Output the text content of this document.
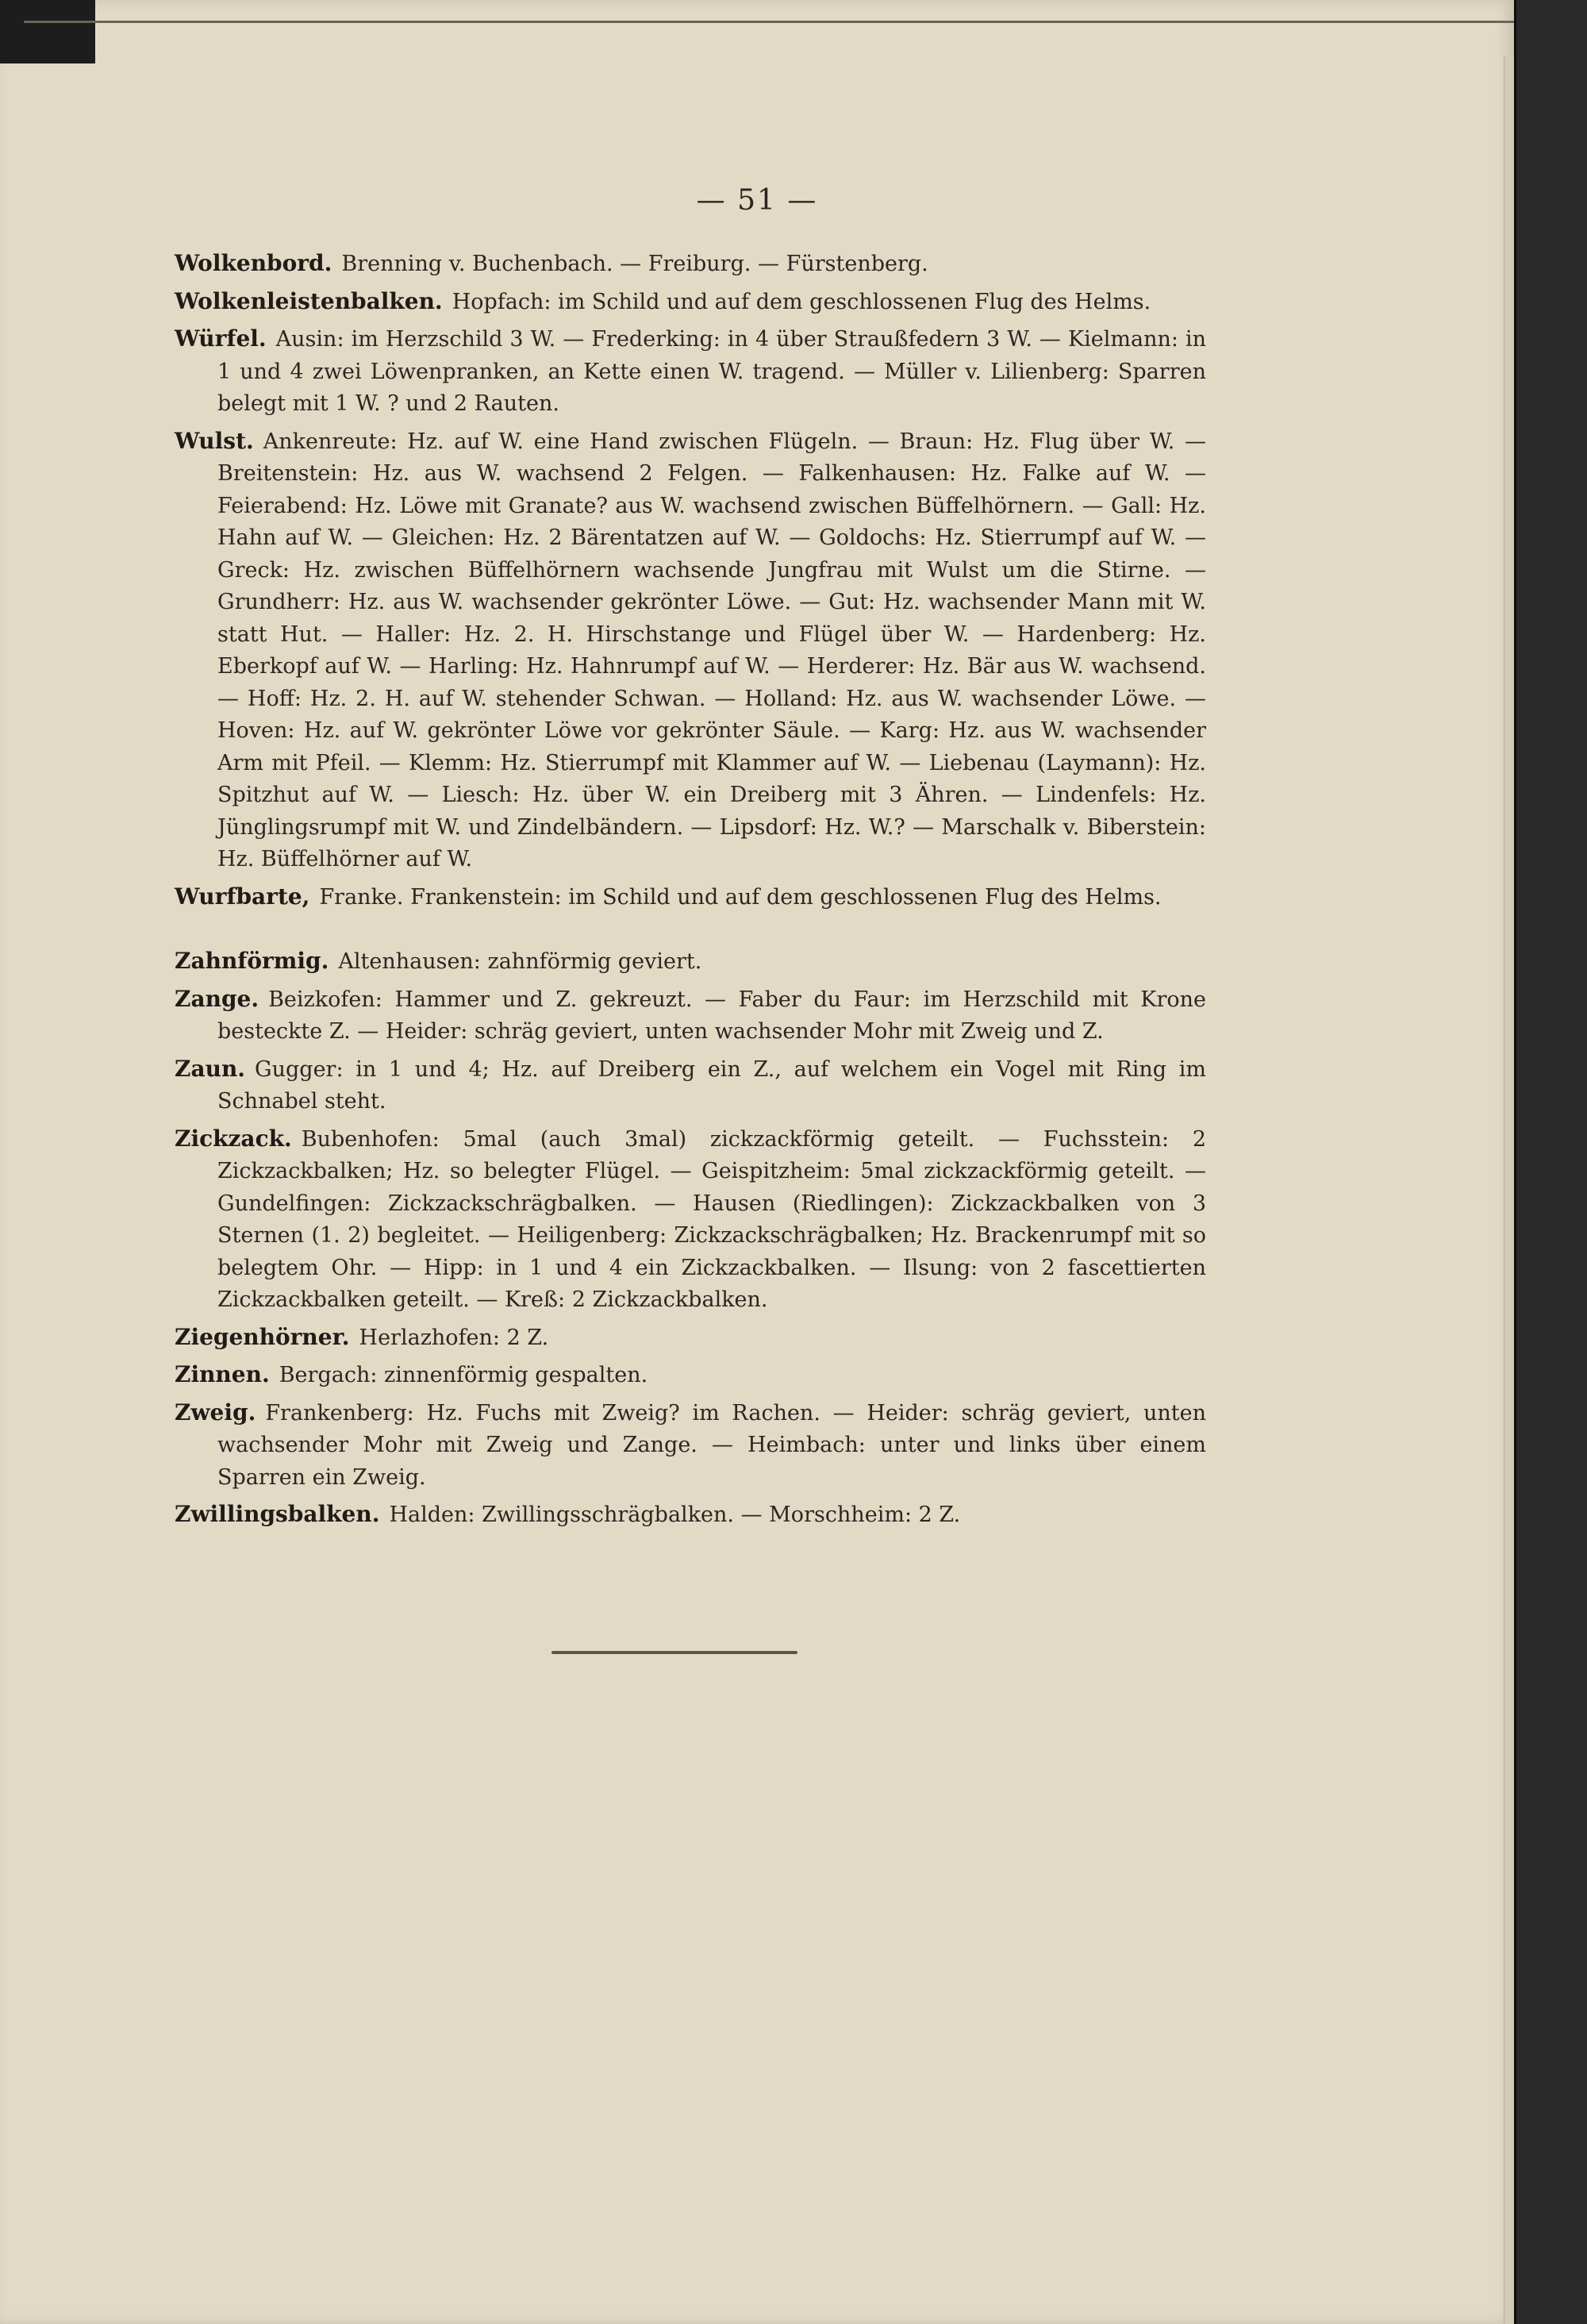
— 51 —

Wolkenbord. Brenning v. Buchenbach. — Freiburg. — Fürstenberg.

Wolkenleistenbalken. Hopfach: im Schild und auf dem geschlossenen Flug des Helms.

Würfel. Ausin: im Herzschild 3 W. — Frederking: in 4 über Straußfedern 3 W. — Kielmann: in 1 und 4 zwei Löwenpranken, an Kette einen W. tragend. — Müller v. Lilienberg: Sparren belegt mit 1 W. ? und 2 Rauten.

Wulst. Ankenreute: Hz. auf W. eine Hand zwischen Flügeln. — Braun: Hz. Flug über W. — Breitenstein: Hz. aus W. wachsend 2 Felgen. — Falkenhausen: Hz. Falke auf W. — Feierabend: Hz. Löwe mit Granate? aus W. wachsend zwischen Büffelhörnern. — Gall: Hz. Hahn auf W. — Gleichen: Hz. 2 Bärentatzen auf W. — Goldochs: Hz. Stierrumpf auf W. — Greck: Hz. zwischen Büffelhörnern wachsende Jungfrau mit Wulst um die Stirne. — Grundherr: Hz. aus W. wachsender gekrönter Löwe. — Gut: Hz. wachsender Mann mit W. statt Hut. — Haller: Hz. 2. H. Hirschstange und Flügel über W. — Hardenberg: Hz. Eberkopf auf W. — Harling: Hz. Hahnrumpf auf W. — Herderer: Hz. Bär aus W. wachsend. — Hoff: Hz. 2. H. auf W. stehender Schwan. — Holland: Hz. aus W. wachsender Löwe. — Hoven: Hz. auf W. gekrönter Löwe vor gekrönter Säule. — Karg: Hz. aus W. wachsender Arm mit Pfeil. — Klemm: Hz. Stierrumpf mit Klammer auf W. — Liebenau (Laymann): Hz. Spitzhut auf W. — Liesch: Hz. über W. ein Dreiberg mit 3 Ähren. — Lindenfels: Hz. Jünglingsrumpf mit W. und Zindelbändern. — Lipsdorf: Hz. W.? — Marschalk v. Biberstein: Hz. Büffelhörner auf W.

Wurfbarte, Franke. Frankenstein: im Schild und auf dem geschlossenen Flug des Helms.

Zahnförmig. Altenhausen: zahnförmig geviert.

Zange. Beizkofen: Hammer und Z. gekreuzt. — Faber du Faur: im Herzschild mit Krone besteckte Z. — Heider: schräg geviert, unten wachsender Mohr mit Zweig und Z.

Zaun. Gugger: in 1 und 4; Hz. auf Dreiberg ein Z., auf welchem ein Vogel mit Ring im Schnabel steht.

Zickzack. Bubenhofen: 5mal (auch 3mal) zickzackförmig geteilt. — Fuchsstein: 2 Zickzackbalken; Hz. so belegter Flügel. — Geispitzheim: 5mal zickzackförmig geteilt. — Gundelfingen: Zickzackschrägbalken. — Hausen (Riedlingen): Zickzackbalken von 3 Sternen (1. 2) begleitet. — Heiligenberg: Zickzackschrägbalken; Hz. Brackenrumpf mit so belegtem Ohr. — Hipp: in 1 und 4 ein Zickzackbalken. — Ilsung: von 2 fascettierten Zickzackbalken geteilt. — Kreß: 2 Zickzackbalken.

Ziegenhörner. Herlazhofen: 2 Z.

Zinnen. Bergach: zinnenförmig gespalten.

Zweig. Frankenberg: Hz. Fuchs mit Zweig? im Rachen. — Heider: schräg geviert, unten wachsender Mohr mit Zweig und Zange. — Heimbach: unter und links über einem Sparren ein Zweig.

Zwillingsbalken. Halden: Zwillingsschrägbalken. — Morschheim: 2 Z.
